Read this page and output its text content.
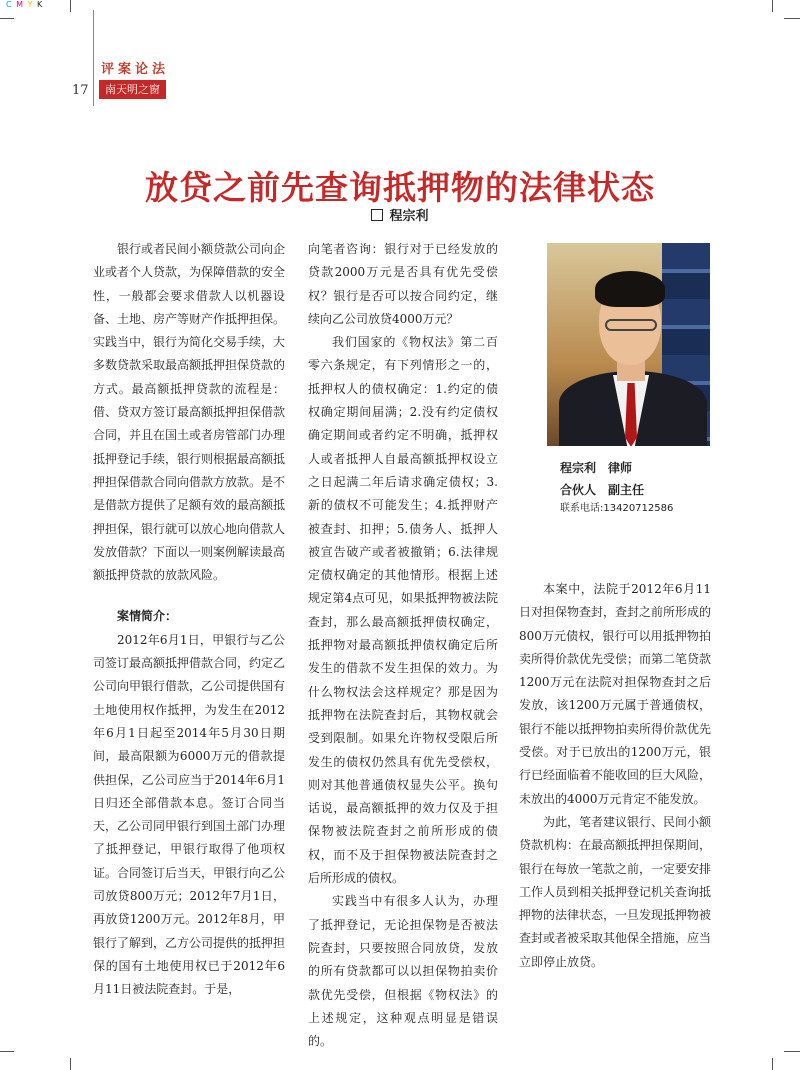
C M Y K
评案论法
17	南天明之窗
放贷之前先查询抵押物的法律状态
程宗利

银行或者民间小额贷款公司向企业或者个人贷款，为保障借款的安全性，一般都会要求借款人以机器设备、土地、房产等财产作抵押担保。实践当中，银行为简化交易手续，大多数贷款采取最高额抵押担保贷款的方式。最高额抵押贷款的流程是：借、贷双方签订最高额抵押担保借款合同，并且在国土或者房管部门办理抵押登记手续，银行则根据最高额抵押担保借款合同向借款方放款。是不是借款方提供了足额有效的最高额抵押担保，银行就可以放心地向借款人发放借款？下面以一则案例解读最高额抵押贷款的放款风险。

案情简介：

2012年6月1日，甲银行与乙公司签订最高额抵押借款合同，约定乙公司向甲银行借款，乙公司提供国有土地使用权作抵押，为发生在2012年6月1日起至2014年5月30日期间，最高限额为6000万元的借款提供担保，乙公司应当于2014年6月1日归还全部借款本息。签订合同当天，乙公司同甲银行到国土部门办理了抵押登记，甲银行取得了他项权证。合同签订后当天，甲银行向乙公司放贷800万元；2012年7月1日，再放贷1200万元。2012年8月，甲银行了解到，乙方公司提供的抵押担保的国有土地使用权已于2012年6月11日被法院查封。于是，

向笔者咨询：银行对于已经发放的贷款2000万元是否具有优先受偿权？银行是否可以按合同约定，继续向乙公司放贷4000万元？

我们国家的《物权法》第二百零六条规定，有下列情形之一的，抵押权人的债权确定：1.约定的债权确定期间届满；2.没有约定债权确定期间或者约定不明确，抵押权人或者抵押人自最高额抵押权设立之日起满二年后请求确定债权；3.新的债权不可能发生；4.抵押财产被查封、扣押；5.债务人、抵押人被宣告破产或者被撤销；6.法律规定债权确定的其他情形。根据上述规定第4点可见，如果抵押物被法院查封，那么最高额抵押债权确定，抵押物对最高额抵押债权确定后所发生的借款不发生担保的效力。为什么物权法会这样规定？那是因为抵押物在法院查封后，其物权就会受到限制。如果允许物权受限后所发生的债权仍然具有优先受偿权，则对其他普通债权显失公平。换句话说，最高额抵押的效力仅及于担保物被法院查封之前所形成的债权，而不及于担保物被法院查封之后所形成的债权。

实践当中有很多人认为，办理了抵押登记，无论担保物是否被法院查封，只要按照合同放贷，发放的所有贷款都可以以担保物拍卖价款优先受偿，但根据《物权法》的上述规定，这种观点明显是错误的。

程宗利　律师
合伙人　副主任
联系电话:13420712586

本案中，法院于2012年6月11日对担保物查封，查封之前所形成的800万元债权，银行可以用抵押物拍卖所得价款优先受偿；而第二笔贷款1200万元在法院对担保物查封之后发放，该1200万元属于普通债权，银行不能以抵押物拍卖所得价款优先受偿。对于已放出的1200万元，银行已经面临着不能收回的巨大风险，未放出的4000万元肯定不能发放。

为此，笔者建议银行、民间小额贷款机构：在最高额抵押担保期间，银行在每放一笔款之前，一定要安排工作人员到相关抵押登记机关查询抵押物的法律状态，一旦发现抵押物被查封或者被采取其他保全措施，应当立即停止放贷。
